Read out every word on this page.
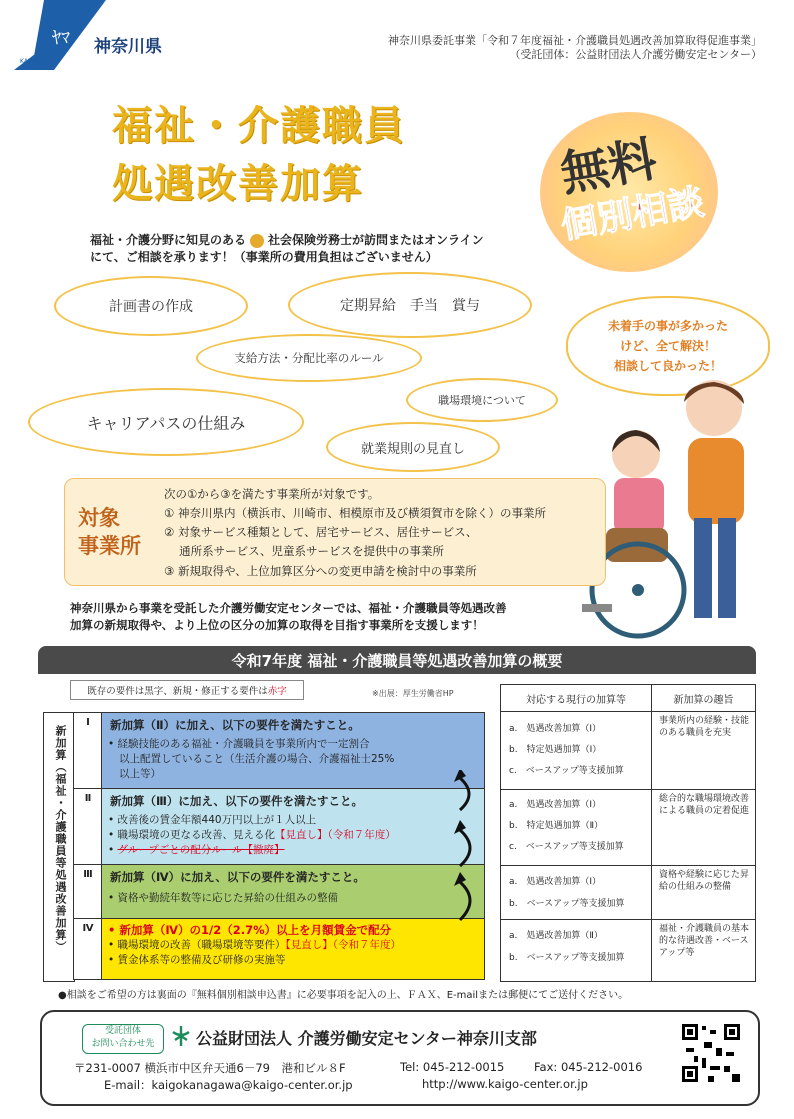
ﾔﾏ 神奈川県
KANAGAWA
神奈川県委託事業「令和７年度福祉・介護職員処遇改善加算取得促進事業」
（受託団体：公益財団法人介護労働安定センター）
福祉・介護職員
処遇改善加算	無料
個別相談
福祉・介護分野に知見のある 社会保険労務士が訪問またはオンライン
にて、ご相談を承ります！（事業所の費用負担はございません）
計画書の作成	定期昇給　手当　賞与
支給方法・分配比率のルール
職場環境について
キャリアパスの仕組み
就業規則の見直し
未着手の事が多かった
けど、全て解決！
相談して良かった！
対象
事業所
次の①から③を満たす事業所が対象です。
① 神奈川県内（横浜市、川崎市、相模原市及び横須賀市を除く）の事業所
② 対象サービス種類として、居宅サービス、居住サービス、
　 通所系サービス、児童系サービスを提供中の事業所
③ 新規取得や、上位加算区分への変更申請を検討中の事業所
神奈川県から事業を受託した介護労働安定センターでは、福祉・介護職員等処遇改善
加算の新規取得や、より上位の区分の加算の取得を目指す事業所を支援します！
令和7年度 福祉・介護職員等処遇改善加算の概要
既存の要件は黒字、新規・修正する要件は 赤字	※出展：厚生労働省HP
新加算（福祉・介護職員等処遇改善加算）
Ⅰ	新加算（Ⅱ）に加え、以下の要件を満たすこと。
• 経験技能のある福祉・介護職員を事業所内で一定割合
以上配置していること（生活介護の場合、介護福祉士25%
以上等）
Ⅱ	新加算（Ⅲ）に加え、以下の要件を満たすこと。
• 改善後の賃金年額440万円以上が１人以上
• 職場環境の更なる改善、見える化【見直し】（令和７年度）
• グループごとの配分ルール【撤廃】
Ⅲ	新加算（Ⅳ）に加え、以下の要件を満たすこと。
• 資格や勤続年数等に応じた昇給の仕組みの整備
Ⅳ	• 新加算（Ⅳ）の1/2（2.7%）以上を月額賃金で配分
• 職場環境の改善（職場環境等要件）【見直し】（令和７年度）
• 賃金体系等の整備及び研修の実施等
対応する現行の加算等	新加算の趣旨
a.　処遇改善加算（Ⅰ）
b.　特定処遇加算（Ⅰ）
c.　ベースアップ等支援加算
事業所内の経験・技能のある職員を充実
a.　処遇改善加算（Ⅰ）
b.　特定処遇加算（Ⅱ）
c.　ベースアップ等支援加算
総合的な職場環境改善による職員の定着促進
a.　処遇改善加算（Ⅰ）
b.　ベースアップ等支援加算
資格や経験に応じた昇給の仕組みの整備
a.　処遇改善加算（Ⅱ）
b.　ベースアップ等支援加算
福祉・介護職員の基本的な待遇改善・ベースアップ等
●相談をご希望の方は裏面の『無料個別相談申込書』に必要事項を記入の上、ＦＡＸ、E-mailまたは郵便にてご送付ください。
受託団体
お問い合わせ先	公益財団法人 介護労働安定センター神奈川支部
〒231-0007 横浜市中区弁天通6－79　港和ビル８F	Tel: 045-212-0015	Fax: 045-212-0016
E-mail：kaigokanagawa@kaigo-center.or.jp	http://www.kaigo-center.or.jp
